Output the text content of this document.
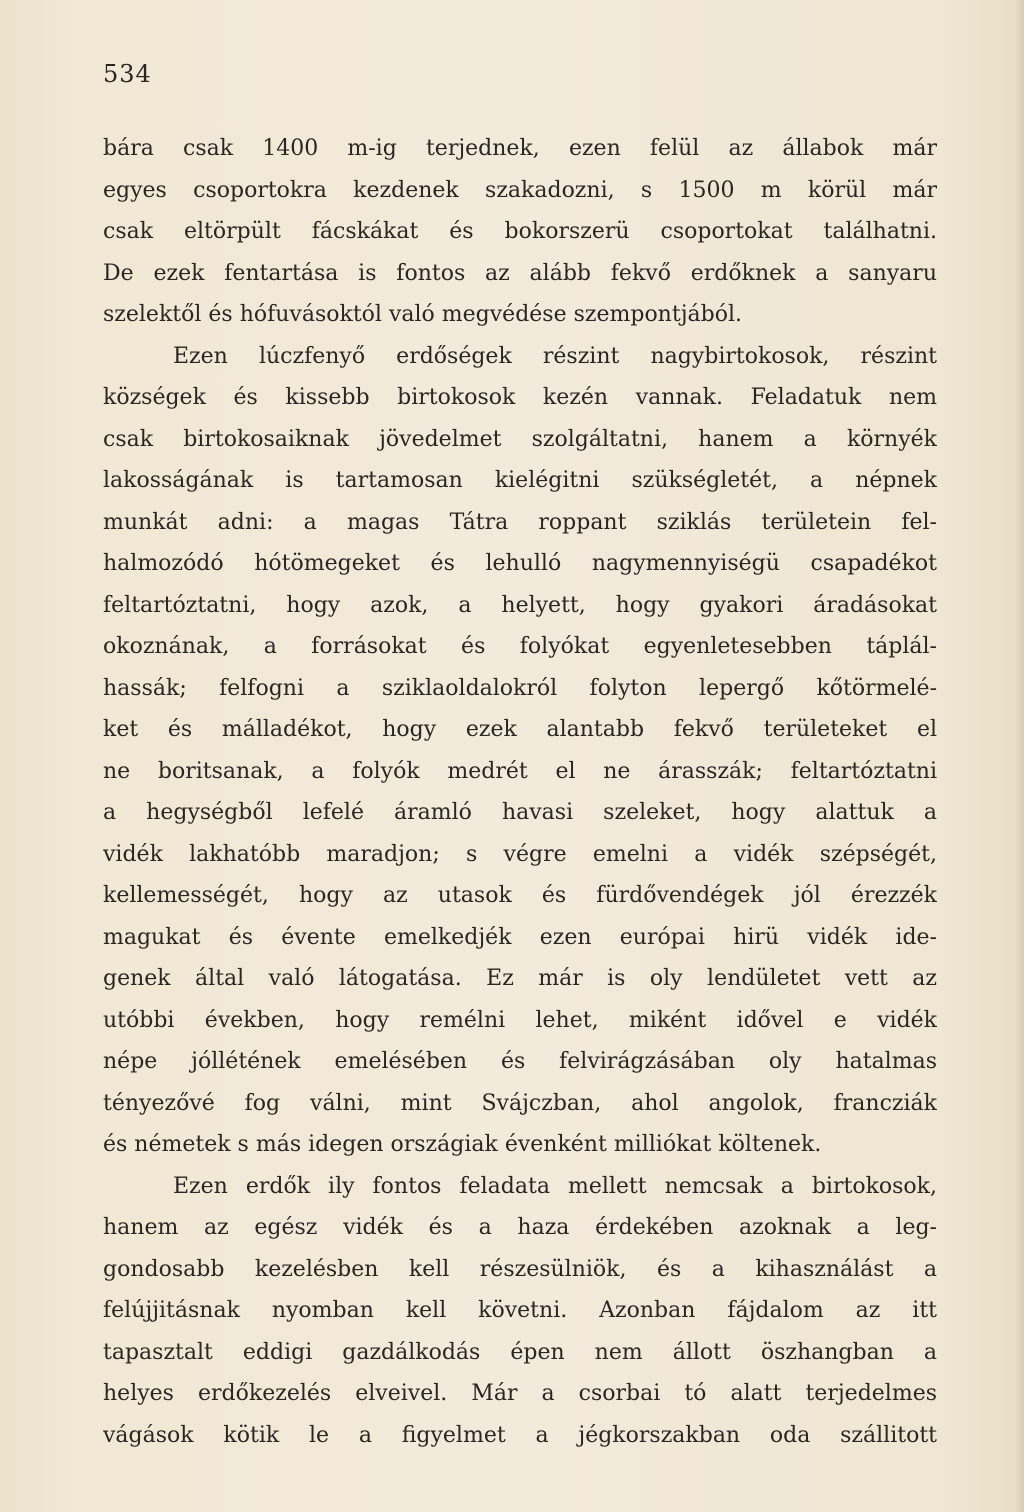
534
bára csak 1400 m-ig terjednek, ezen felül az állabok már
egyes csoportokra kezdenek szakadozni, s 1500 m körül már
csak eltörpült fácskákat és bokorszerü csoportokat találhatni.
De ezek fentartása is fontos az alább fekvő erdőknek a sanyaru
szelektől és hófuvásoktól való megvédése szempontjából.
Ezen lúczfenyő erdőségek részint nagybirtokosok, részint
községek és kissebb birtokosok kezén vannak. Feladatuk nem
csak birtokosaiknak jövedelmet szolgáltatni, hanem a környék
lakosságának is tartamosan kielégitni szükségletét, a népnek
munkát adni: a magas Tátra roppant sziklás területein fel-
halmozódó hótömegeket és lehulló nagymennyiségü csapadékot
feltartóztatni, hogy azok, a helyett, hogy gyakori áradásokat
okoznának, a forrásokat és folyókat egyenletesebben táplál-
hassák; felfogni a sziklaoldalokról folyton lepergő kőtörmelé-
ket és málladékot, hogy ezek alantabb fekvő területeket el
ne boritsanak, a folyók medrét el ne árasszák; feltartóztatni
a hegységből lefelé áramló havasi szeleket, hogy alattuk a
vidék lakhatóbb maradjon; s végre emelni a vidék szépségét,
kellemességét, hogy az utasok és fürdővendégek jól érezzék
magukat és évente emelkedjék ezen európai hirü vidék ide-
genek által való látogatása. Ez már is oly lendületet vett az
utóbbi években, hogy remélni lehet, miként idővel e vidék
népe jóllétének emelésében és felvirágzásában oly hatalmas
tényezővé fog válni, mint Svájczban, ahol angolok, francziák
és németek s más idegen országiak évenként milliókat költenek.
Ezen erdők ily fontos feladata mellett nemcsak a birtokosok,
hanem az egész vidék és a haza érdekében azoknak a leg-
gondosabb kezelésben kell részesülniök, és a kihasználást a
felújjitásnak nyomban kell követni. Azonban fájdalom az itt
tapasztalt eddigi gazdálkodás épen nem állott öszhangban a
helyes erdőkezelés elveivel. Már a csorbai tó alatt terjedelmes
vágások kötik le a figyelmet a jégkorszakban oda szállitott
